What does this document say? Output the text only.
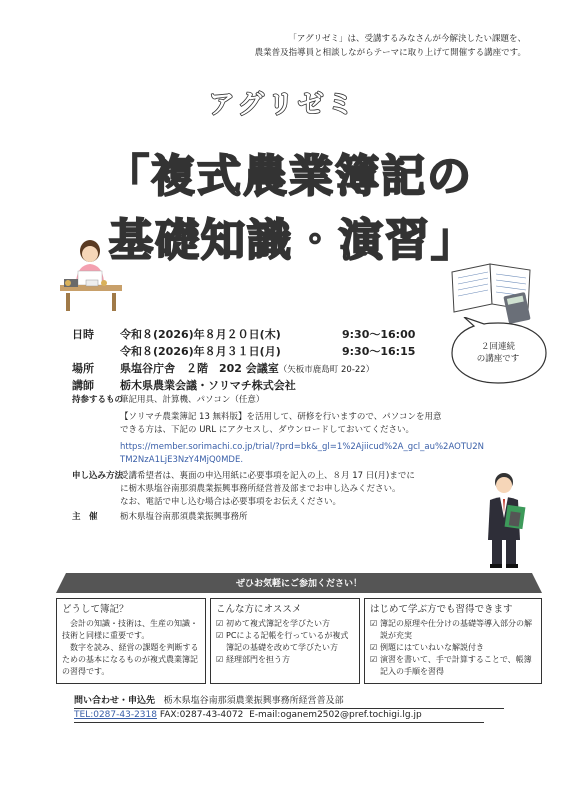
「アグリゼミ」は、受講するみなさんが今解決したい課題を、
農業普及指導員と相談しながらテーマに取り上げて開催する講座です。
アグリゼミ
「複式農業簿記の
基礎知識・演習」
２回連続
の講座です
日時 令和８(2026)年８月２０日(木)	9:30～16:00
令和８(2026)年８月３１日(月)	9:30～16:15
場所 県塩谷庁舎　２階　202 会議室（矢板市鹿島町 20-22）
講師 栃木県農業会議・ソリマチ株式会社
持参するもの
筆記用具、計算機、パソコン（任意）
【ソリマチ農業簿記 13 無料版】を活用して、研修を行いますので、パソコンを用意
できる方は、下記の URL にアクセスし、ダウンロードしておいてください。
https://member.sorimachi.co.jp/trial/?prd=bk&_gl=1%2Ajiicud%2A_gcl_au%2AOTU2N
TM2NzA1LjE3NzY4MjQ0MDE.
申し込み方法
受講希望者は、裏面の申込用紙に必要事項を記入の上、８月 17 日(月)までに
に栃木県塩谷南那須農業振興事務所経営普及部までお申し込みください。
なお、電話で申し込む場合は必要事項をお伝えください。
主　催	栃木県塩谷南那須農業振興事務所
ぜひお気軽にご参加ください！
どうして簿記？

会計の知識・技術は、生産の知識・技術と同様に重要です。

数字を読み、経営の課題を判断するための基本になるものが複式農業簿記の習得です。

こんな方にオススメ
☑ 初めて複式簿記を学びたい方
☑ PCによる記帳を行っているが複式簿記の基礎を改めて学びたい方
☑ 経理部門を担う方
はじめて学ぶ方でも習得できます
☑ 簿記の原理や仕分けの基礎等導入部分の解説が充実
☑ 例題にはていねいな解説付き
☑ 演習を書いて、手で計算することで、帳簿記入の手順を習得
問い合わせ・申込先 栃木県塩谷南那須農業振興事務所経営普及部
TEL:0287-43-2318 FAX:0287-43-4072 E-mail:oganem2502@pref.tochigi.lg.jp
